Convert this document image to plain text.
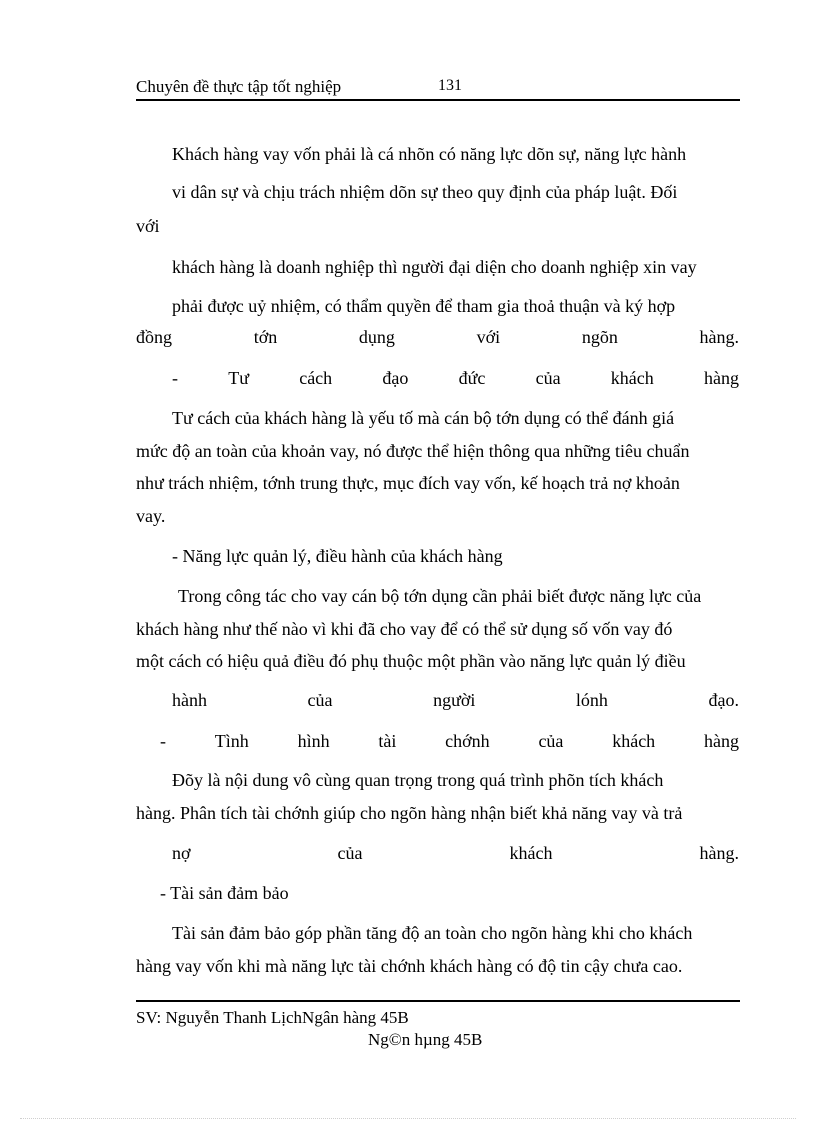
Chuyên đề thực tập tốt nghiệp	131
Khách hàng vay vốn phải là cá nhõn có năng lực dõn sự, năng lực hành
vi dân sự và chịu trách nhiệm dõn sự theo quy định của pháp luật. Đối
với
khách hàng là doanh nghiệp thì người đại diện cho doanh nghiệp xin vay
phải được uỷ nhiệm, có thẩm quyền để tham gia thoả thuận và ký hợp
đồng	tớn	dụng	với	ngõn	hàng.
-	Tư	cách	đạo	đức	của	khách	hàng
Tư cách của khách hàng là yếu tố mà cán bộ tớn dụng có thể đánh giá
mức độ an toàn của khoản vay, nó được thể hiện thông qua những tiêu chuẩn
như trách nhiệm, tớnh trung thực, mục đích vay vốn, kế hoạch trả nợ khoản
vay.
- Năng lực quản lý, điều hành của khách hàng
Trong công tác cho vay cán bộ tớn dụng cần phải biết được năng lực của
khách hàng như thế nào vì khi đã cho vay để có thể sử dụng số vốn vay đó
một cách có hiệu quả điều đó phụ thuộc một phần vào năng lực quản lý điều
hành	của	người	lónh	đạo.
-	Tình	hình	tài	chớnh	của	khách	hàng
Đõy là nội dung vô cùng quan trọng trong quá trình phõn tích khách
hàng. Phân tích tài chớnh giúp cho ngõn hàng nhận biết khả năng vay và trả
nợ	của	khách	hàng.
- Tài sản đảm bảo
Tài sản đảm bảo góp phần tăng độ an toàn cho ngõn hàng khi cho khách
hàng vay vốn khi mà năng lực tài chớnh khách hàng có độ tin cậy chưa cao.
SV: Nguyễn Thanh LịchNgân hàng 45B
Ng©n hµng 45B
